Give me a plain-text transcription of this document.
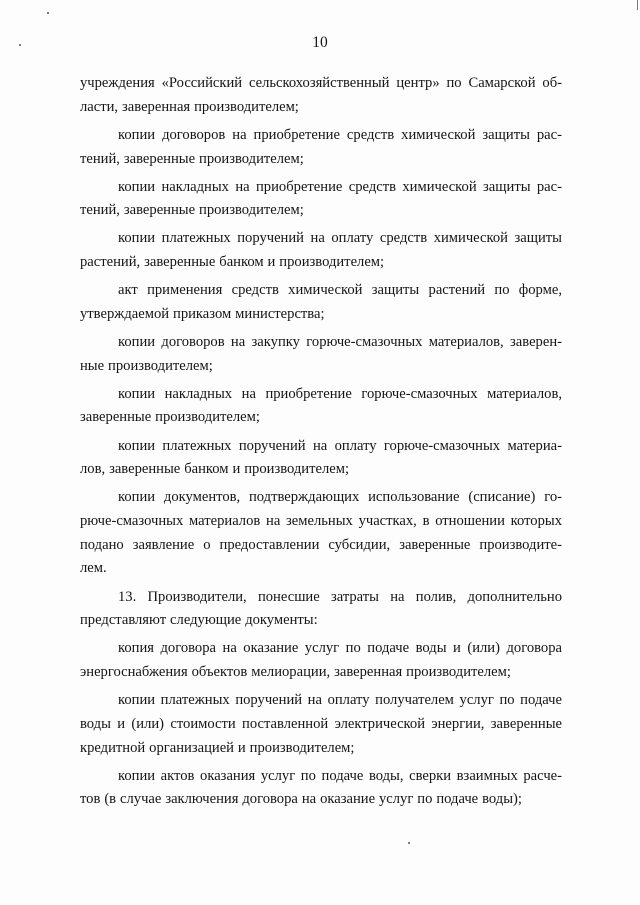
10
учреждения «Российский сельскохозяйственный центр» по Самарской об-
ласти, заверенная производителем;
копии договоров на приобретение средств химической защиты рас-
тений, заверенные производителем;
копии накладных на приобретение средств химической защиты рас-
тений, заверенные производителем;
копии платежных поручений на оплату средств химической защиты
растений, заверенные банком и производителем;
акт применения средств химической защиты растений по форме,
утверждаемой приказом министерства;
копии договоров на закупку горюче-смазочных материалов, заверен-
ные производителем;
копии накладных на приобретение горюче-смазочных материалов,
заверенные производителем;
копии платежных поручений на оплату горюче-смазочных материа-
лов, заверенные банком и производителем;
копии документов, подтверждающих использование (списание) го-
рюче-смазочных материалов на земельных участках, в отношении которых
подано заявление о предоставлении субсидии, заверенные производите-
лем.
13. Производители, понесшие затраты на полив, дополнительно
представляют следующие документы:
копия договора на оказание услуг по подаче воды и (или) договора
энергоснабжения объектов мелиорации, заверенная производителем;
копии платежных поручений на оплату получателем услуг по подаче
воды и (или) стоимости поставленной электрической энергии, заверенные
кредитной организацией и производителем;
копии актов оказания услуг по подаче воды, сверки взаимных расче-
тов (в случае заключения договора на оказание услуг по подаче воды);
